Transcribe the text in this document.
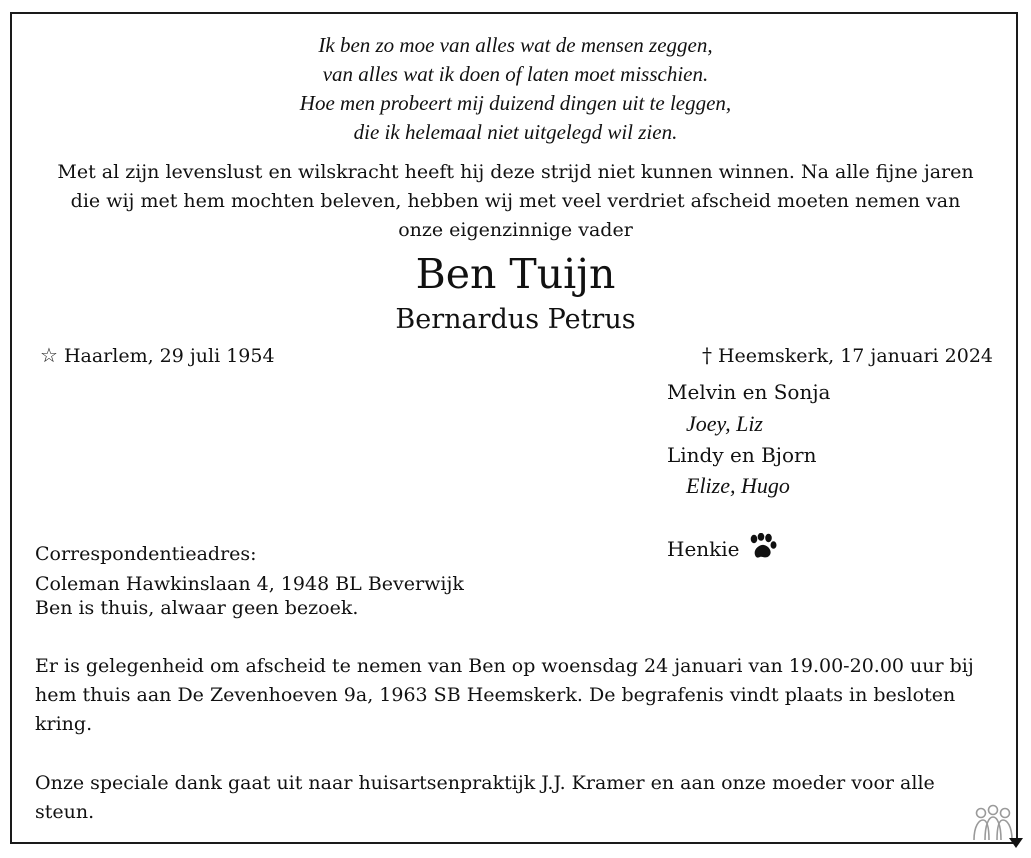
Ik ben zo moe van alles wat de mensen zeggen,
van alles wat ik doen of laten moet misschien.
Hoe men probeert mij duizend dingen uit te leggen,
die ik helemaal niet uitgelegd wil zien.
Met al zijn levenslust en wilskracht heeft hij deze strijd niet kunnen winnen. Na alle fijne jaren
die wij met hem mochten beleven, hebben wij met veel verdriet afscheid moeten nemen van
onze eigenzinnige vader
Ben Tuijn
Bernardus Petrus
☆ Haarlem, 29 juli 1954	† Heemskerk, 17 januari 2024
Melvin en Sonja
Joey, Liz
Lindy en Bjorn
Elize, Hugo
Henkie
Correspondentieadres:
Coleman Hawkinslaan 4, 1948 BL Beverwijk
Ben is thuis, alwaar geen bezoek.
Er is gelegenheid om afscheid te nemen van Ben op woensdag 24 januari van 19.00-20.00 uur bij
hem thuis aan De Zevenhoeven 9a, 1963 SB Heemskerk. De begrafenis vindt plaats in besloten
kring.
Onze speciale dank gaat uit naar huisartsenpraktijk J.J. Kramer en aan onze moeder voor alle
steun.
